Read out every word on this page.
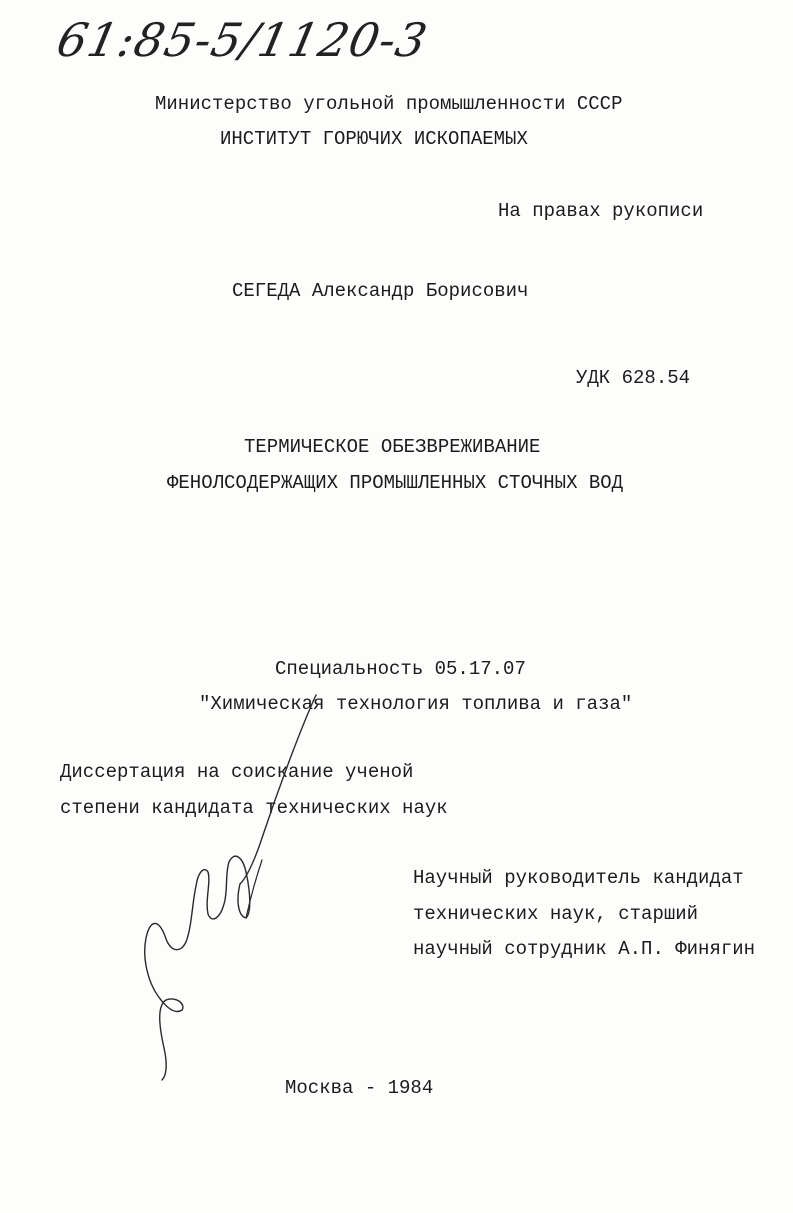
61:85-5/1120-3
Министерство угольной промышленности СССР
ИНСТИТУТ ГОРЮЧИХ ИСКОПАЕМЫХ
На правах рукописи
СЕГЕДА Александр Борисович
УДК 628.54
ТЕРМИЧЕСКОЕ ОБЕЗВРЕЖИВАНИЕ
ФЕНОЛСОДЕРЖАЩИХ ПРОМЫШЛЕННЫХ СТОЧНЫХ ВОД
Специальность 05.17.07
"Химическая технология топлива и газа"
Диссертация на соискание ученой
степени кандидата технических наук
Научный руководитель кандидат
технических наук, старший
научный сотрудник А.П. Финягин
Москва - 1984
